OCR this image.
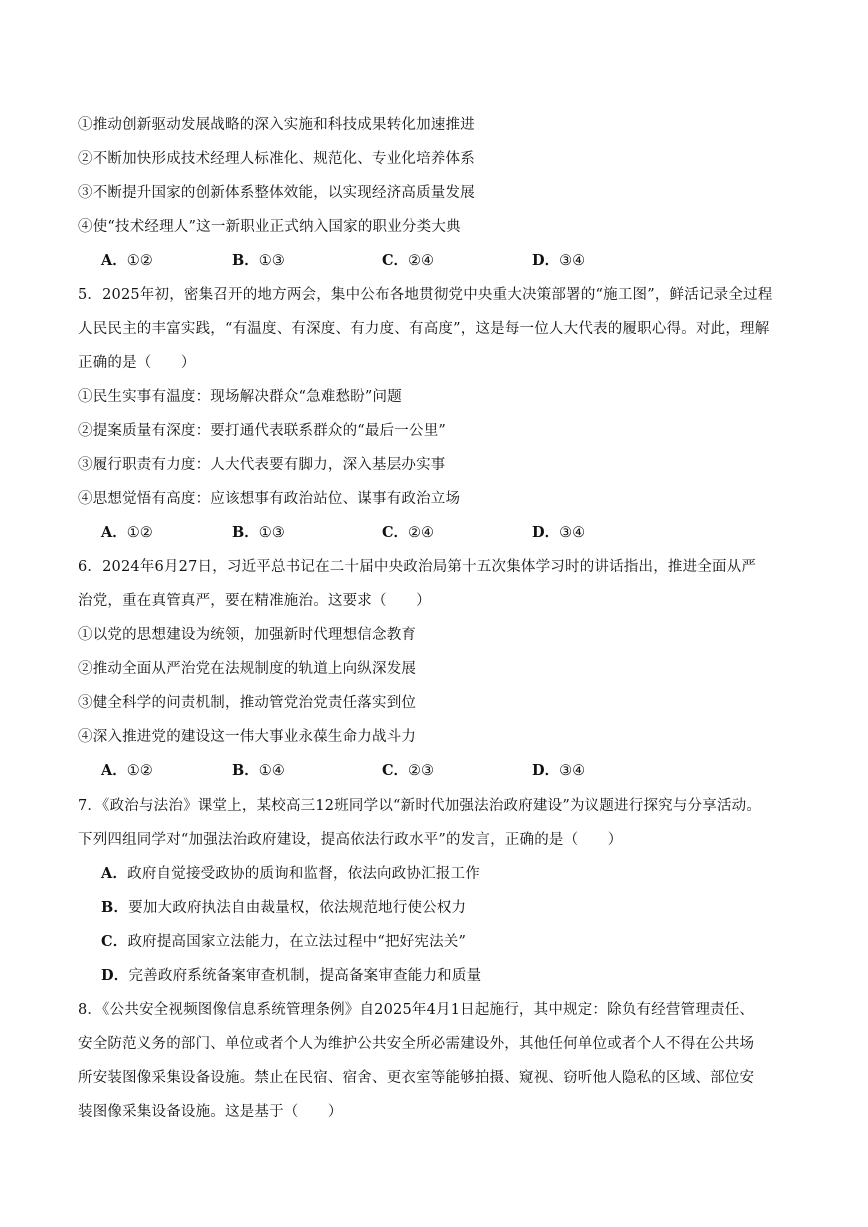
①推动创新驱动发展战略的深入实施和科技成果转化加速推进
②不断加快形成技术经理人标准化、规范化、专业化培养体系
③不断提升国家的创新体系整体效能，以实现经济高质量发展
④使“技术经理人”这一新职业正式纳入国家的职业分类大典
A．①②	B．①③	C．②④	D．③④
5．2025年初，密集召开的地方两会，集中公布各地贯彻党中央重大决策部署的“施工图”，鲜活记录全过程
人民民主的丰富实践，“有温度、有深度、有力度、有高度”，这是每一位人大代表的履职心得。对此，理解
正确的是（　　）
①民生实事有温度：现场解决群众“急难愁盼”问题
②提案质量有深度：要打通代表联系群众的“最后一公里”
③履行职责有力度：人大代表要有脚力，深入基层办实事
④思想觉悟有高度：应该想事有政治站位、谋事有政治立场
A．①②	B．①③	C．②④	D．③④
6．2024年6月27日，习近平总书记在二十届中央政治局第十五次集体学习时的讲话指出，推进全面从严
治党，重在真管真严，要在精准施治。这要求（　　）
①以党的思想建设为统领，加强新时代理想信念教育
②推动全面从严治党在法规制度的轨道上向纵深发展
③健全科学的问责机制，推动管党治党责任落实到位
④深入推进党的建设这一伟大事业永葆生命力战斗力
A．①②	B．①④	C．②③	D．③④
7．《政治与法治》课堂上，某校高三12班同学以“新时代加强法治政府建设”为议题进行探究与分享活动。
下列四组同学对“加强法治政府建设，提高依法行政水平”的发言，正确的是（　　）
A．政府自觉接受政协的质询和监督，依法向政协汇报工作
B．要加大政府执法自由裁量权，依法规范地行使公权力
C．政府提高国家立法能力，在立法过程中“把好宪法关”
D．完善政府系统备案审查机制，提高备案审查能力和质量
8．《公共安全视频图像信息系统管理条例》自2025年4月1日起施行，其中规定：除负有经营管理责任、
安全防范义务的部门、单位或者个人为维护公共安全所必需建设外，其他任何单位或者个人不得在公共场
所安装图像采集设备设施。禁止在民宿、宿舍、更衣室等能够拍摄、窥视、窃听他人隐私的区域、部位安
装图像采集设备设施。这是基于（　　）
